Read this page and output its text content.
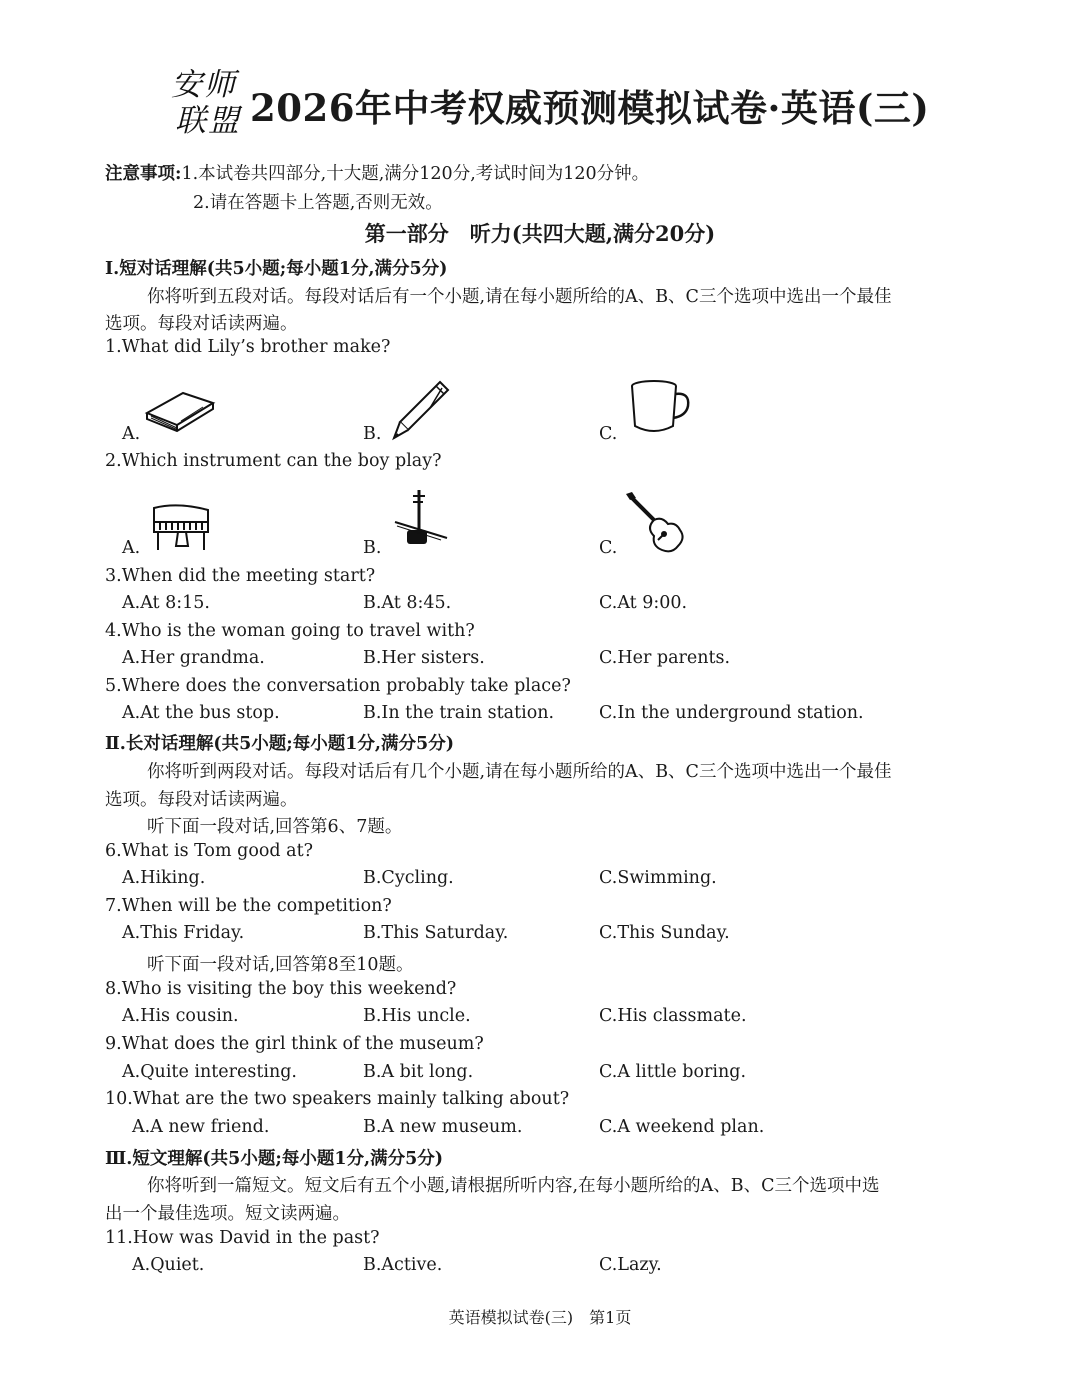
安师
联盟 2026年中考权威预测模拟试卷·英语(三)
注意事项:1.本试卷共四部分,十大题,满分120分,考试时间为120分钟。
2.请在答题卡上答题,否则无效。
第一部分　听力(共四大题,满分20分)
Ⅰ.短对话理解(共5小题;每小题1分,满分5分)
你将听到五段对话。每段对话后有一个小题,请在每小题所给的A、B、C三个选项中选出一个最佳
选项。每段对话读两遍。
1.What did Lily’s brother make?
A.	B.	C.
2.Which instrument can the boy play?
A.	B.	C.
3.When did the meeting start?
A.At 8:15.	B.At 8:45.	C.At 9:00.
4.Who is the woman going to travel with?
A.Her grandma.	B.Her sisters.	C.Her parents.
5.Where does the conversation probably take place?
A.At the bus stop.	B.In the train station.	C.In the underground station.
Ⅱ.长对话理解(共5小题;每小题1分,满分5分)
你将听到两段对话。每段对话后有几个小题,请在每小题所给的A、B、C三个选项中选出一个最佳
选项。每段对话读两遍。
听下面一段对话,回答第6、7题。
6.What is Tom good at?
A.Hiking.	B.Cycling.	C.Swimming.
7.When will be the competition?
A.This Friday.	B.This Saturday.	C.This Sunday.
听下面一段对话,回答第8至10题。
8.Who is visiting the boy this weekend?
A.His cousin.	B.His uncle.	C.His classmate.
9.What does the girl think of the museum?
A.Quite interesting.	B.A bit long.	C.A little boring.
10.What are the two speakers mainly talking about?
A.A new friend.	B.A new museum.	C.A weekend plan.
Ⅲ.短文理解(共5小题;每小题1分,满分5分)
你将听到一篇短文。短文后有五个小题,请根据所听内容,在每小题所给的A、B、C三个选项中选
出一个最佳选项。短文读两遍。
11.How was David in the past?
A.Quiet.	B.Active.	C.Lazy.
英语模拟试卷(三)　第1页
